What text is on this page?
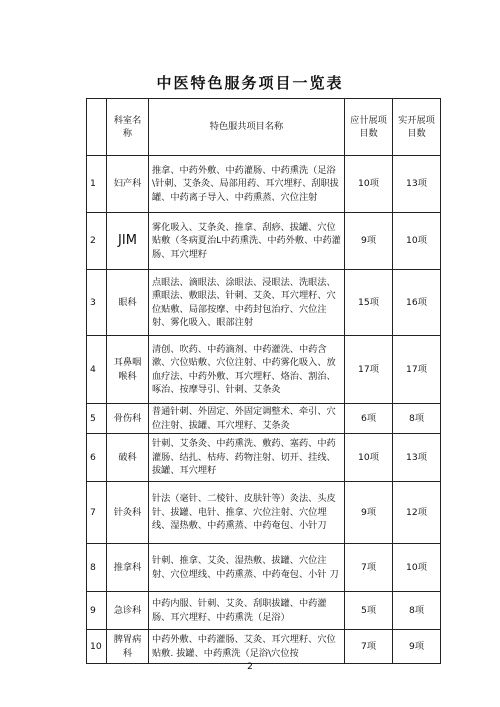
中医特色服务项目一览表
	科室名称	特色服共项目名称	应卄展项目数	实开展项目数
1	妇产科	推拿、中药外敷、中药灌肠、中药熏洗（足浴\针刺、艾条灸、局部用药、耳穴埋籽、刮职拔罐、中药离子导入、中药熏蒸、穴位注射	10项	13项
2	JIM	雾化吸入、艾条灸、推拿、刮痧、拔罐、穴位贴敷（冬病夏治L中药熏洗、中药外敷、中药灌肠、耳穴埋籽	9项	10项
3	眼科	点眼法、滴眼法、涂眼法、浸眼法、洗眼法、熏眼法、敷眼法、针刺、艾灸、耳穴埋籽、穴位贴敷、局部按摩、中药封包治疗、穴位注射、雾化吸入、眼部注射	15项	16项
4	耳鼻咽喉科	清创、吹药、中药滴剂、中药灌洗、中药含漱、穴位贴敷、穴位注射、中药雾化吸入、放血疗法、中药外敷、耳穴埋籽、烙治、割治、啄治、按摩导引、针刺、艾条灸	17项	17项
5	骨伤科	普通针刺、外固定、外固定调整术、牵引、穴位注射、拔罐、耳穴埋籽、艾条灸	6项	8项
6	破科	针刺、艾条灸、中药熏洗、敷药、塞药、中药灌肠、结扎、枯痔、药物注射、切开、挂线、拔罐、耳穴埋籽	10项	13项
7	针灸科	针法（毫针、二棱针、皮肤针等）灸法、头皮针、拔罐、电针、推拿、穴位注射、穴位埋线、湿热敷、中药熏蒸、中药奄包、小针刀	9项	12项
8	推拿科	针刺、推拿、艾灸、湿热敷、拔罐、穴位注射、穴位埋线、中药熏蒸、中药奄包、小针 刀	7项	10项
9	急诊科	中药内服、针刺、艾灸、刮职拔罐、中药灌肠、耳穴埋籽、中药熏洗（足浴）	5项	8项
10	脾胃病科	中药外敷、中药灌肠、艾灸、耳穴埋籽、穴位贴敷. 拔罐、中药熏洗（足浴\穴位按	7项	9项
2
